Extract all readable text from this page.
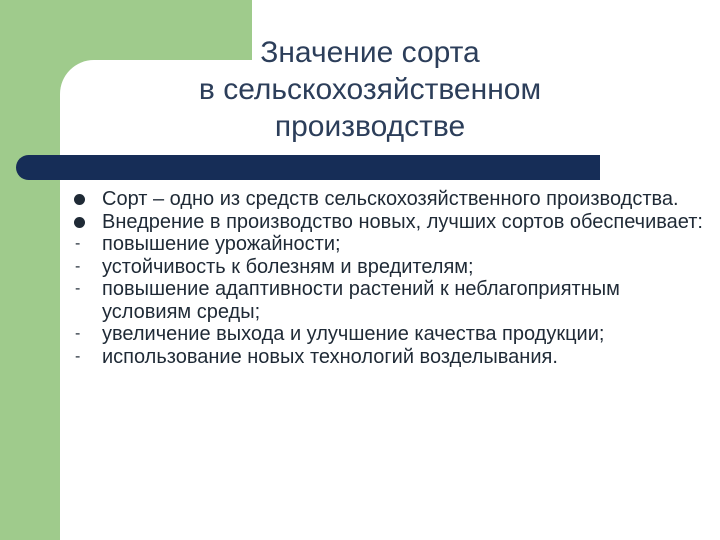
Значение сорта
в сельскохозяйственном
производстве
Сорт – одно из средств сельскохозяйственного производства.
Внедрение в производство новых, лучших сортов обеспечивает:
- повышение урожайности;
- устойчивость к болезням и вредителям;
- повышение адаптивности растений к неблагоприятным условиям среды;
- увеличение выхода и улучшение качества продукции;
- использование новых технологий возделывания.
